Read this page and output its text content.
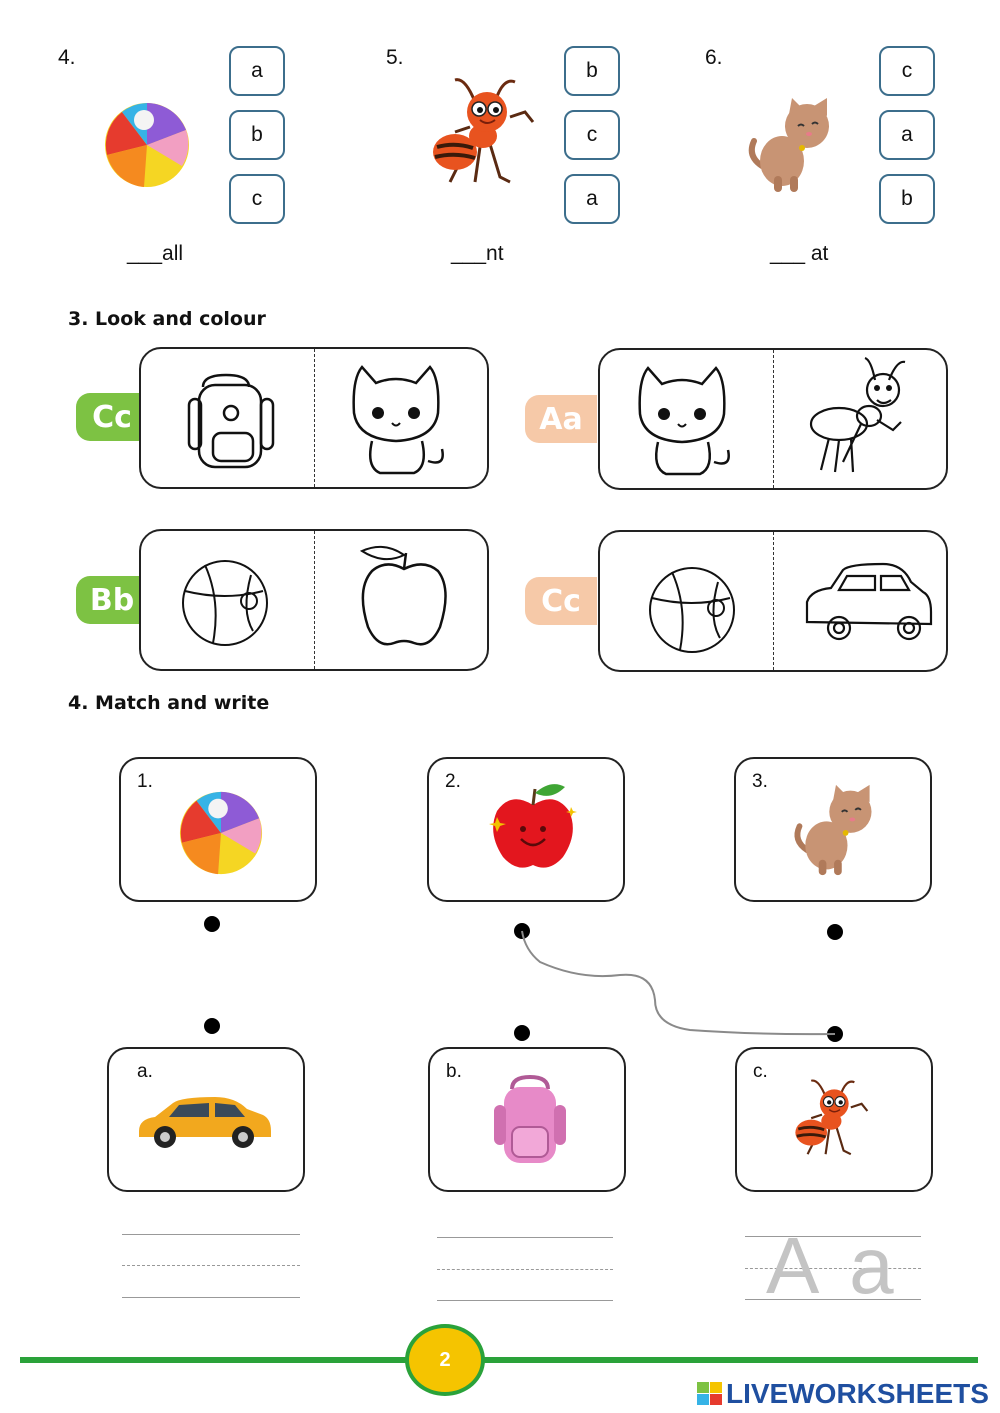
4.
a
b
c
___all
5.
b
c
a
___nt
6.
c
a
b
___ at
3. Look and colour
Cc	Aa
Bb	Cc
4. Match and write
1.	2.	3.
a.	b.	c.
A a
2
LIVEWORKSHEETS
